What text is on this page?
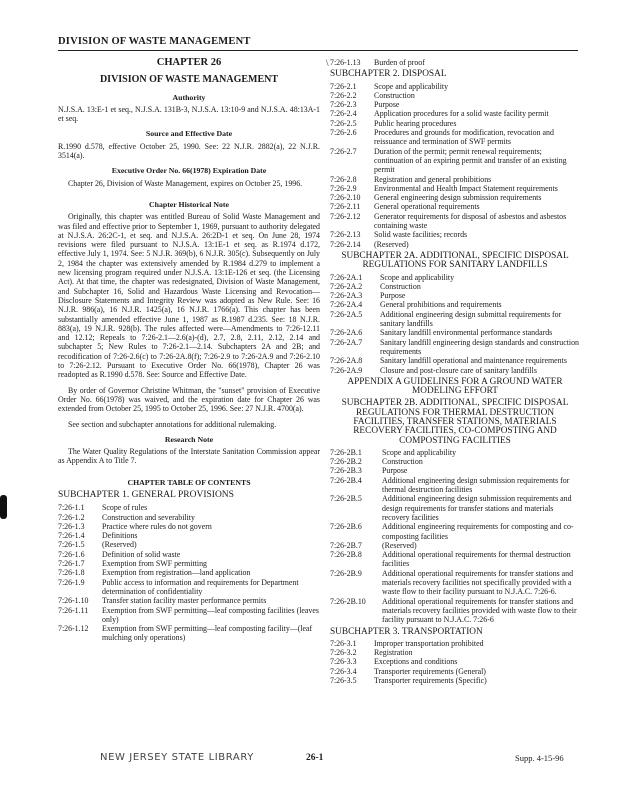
DIVISION OF WASTE MANAGEMENT
CHAPTER 26
DIVISION OF WASTE MANAGEMENT
Authority

N.J.S.A. 13:E-1 et seq., N.J.S.A. 131B-3, N.J.S.A. 13:10-9 and N.J.S.A. 48:13A-1 et seq.

Source and Effective Date

R.1990 d.578, effective October 25, 1990. See: 22 N.J.R. 2882(a), 22 N.J.R. 3514(a).

Executive Order No. 66(1978) Expiration Date

Chapter 26, Division of Waste Management, expires on October 25, 1996.

Chapter Historical Note

Originally, this chapter was entitled Bureau of Solid Waste Management and was filed and effective prior to September 1, 1969, pursuant to authority delegated at N.J.S.A. 26:2C-1, et seq. and N.J.S.A. 26:2D-1 et seq. On June 28, 1974 revisions were filed pursuant to N.J.S.A. 13:1E-1 et seq. as R.1974 d.172, effective July 1, 1974. See: 5 N.J.R. 369(b), 6 N.J.R. 305(c). Subsequently on July 2, 1984 the chapter was extensively amended by R.1984 d.279 to implement a new licensing program required under N.J.S.A. 13:1E-126 et seq. (the Licensing Act). At that time, the chapter was redesignated, Division of Waste Management, and Subchapter 16, Solid and Hazardous Waste Licensing and Revocation—Disclosure Statements and Integrity Review was adopted as New Rule. See: 16 N.J.R. 986(a), 16 N.J.R. 1425(a), 16 N.J.R. 1766(a). This chapter has been substantially amended effective June 1, 1987 as R.1987 d.235. See: 18 N.J.R. 883(a), 19 N.J.R. 928(b). The rules affected were—Amendments to 7:26-12.11 and 12.12; Repeals to 7:26-2.1—2.6(a)-(d), 2.7, 2.8, 2.11, 2.12, 2.14 and subchapter 5; New Rules to 7:26-2.1—2.14. Subchapters 2A and 2B; and recodification of 7:26-2.6(c) to 7:26-2A.8(f); 7:26-2.9 to 7:26-2A.9 and 7:26-2.10 to 7:26-2.12. Pursuant to Executive Order No. 66(1978), Chapter 26 was readopted as R.1990 d.578. See: Source and Effective Date.

By order of Governor Christine Whitman, the "sunset" provision of Executive Order No. 66(1978) was waived, and the expiration date for Chapter 26 was extended from October 25, 1995 to October 25, 1996. See: 27 N.J.R. 4700(a).

See section and subchapter annotations for additional rulemaking.

Research Note

The Water Quality Regulations of the Interstate Sanitation Commission appear as Appendix A to Title 7.

CHAPTER TABLE OF CONTENTS
SUBCHAPTER 1. GENERAL PROVISIONS
7:26-1.1	Scope of rules
7:26-1.2	Construction and severability
7:26-1.3	Practice where rules do not govern
7:26-1.4	Definitions
7:26-1.5	(Reserved)
7:26-1.6	Definition of solid waste
7:26-1.7	Exemption from SWF permitting
7:26-1.8	Exemption from registration—land application
7:26-1.9	Public access to information and requirements for Department determination of confidentiality
7:26-1.10	Transfer station facility master performance permits
7:26-1.11	Exemption from SWF permitting—leaf composting facilities (leaves only)
7:26-1.12	Exemption from SWF permitting—leaf composting facility—(leaf mulching only operations)
\ 7:26-1.13	Burden of proof
SUBCHAPTER 2. DISPOSAL
7:26-2.1	Scope and applicability
7:26-2.2	Construction
7:26-2.3	Purpose
7:26-2.4	Application procedures for a solid waste facility permit
7:26-2.5	Public hearing procedures
7:26-2.6	Procedures and grounds for modification, revocation and reissuance and termination of SWF permits
7:26-2.7	Duration of the permit; permit renewal requirements; continuation of an expiring permit and transfer of an existing permit
7:26-2.8	Registration and general prohibitions
7:26-2.9	Environmental and Health Impact Statement requirements
7:26-2.10	General engineering design submission requirements
7:26-2.11	General operational requirements
7:26-2.12	Generator requirements for disposal of asbestos and asbestos containing waste
7:26-2.13	Solid waste facilities; records
7:26-2.14	(Reserved)
SUBCHAPTER 2A. ADDITIONAL, SPECIFIC DISPOSAL REGULATIONS FOR SANITARY LANDFILLS
7:26-2A.1	Scope and applicability
7:26-2A.2	Construction
7:26-2A.3	Purpose
7:26-2A.4	General prohibitions and requirements
7:26-2A.5	Additional engineering design submittal requirements for sanitary landfills
7:26-2A.6	Sanitary landfill environmental performance standards
7:26-2A.7	Sanitary landfill engineering design standards and construction requirements
7:26-2A.8	Sanitary landfill operational and maintenance requirements
7:26-2A.9	Closure and post-closure care of sanitary landfills
APPENDIX A GUIDELINES FOR A GROUND WATER MODELING EFFORT
SUBCHAPTER 2B. ADDITIONAL, SPECIFIC DISPOSAL REGULATIONS FOR THERMAL DESTRUCTION FACILITIES, TRANSFER STATIONS, MATERIALS RECOVERY FACILITIES, CO-COMPOSTING AND COMPOSTING FACILITIES
7:26-2B.1	Scope and applicability
7:26-2B.2	Construction
7:26-2B.3	Purpose
7:26-2B.4	Additional engineering design submission requirements for thermal destruction facilities
7:26-2B.5	Additional engineering design submission requirements and design requirements for transfer stations and materials recovery facilities
7:26-2B.6	Additional engineering requirements for composting and co-composting facilities
7:26-2B.7	(Reserved)
7:26-2B.8	Additional operational requirements for thermal destruction facilities
7:26-2B.9	Additional operational requirements for transfer stations and materials recovery facilities not specifically provided with a waste flow to their facility pursuant to N.J.A.C. 7:26-6.
7:26-2B.10	Additional operational requirements for transfer stations and materials recovery facilities provided with waste flow to their facility pursuant to N.J.A.C. 7:26-6
SUBCHAPTER 3. TRANSPORTATION
7:26-3.1	Improper transportation prohibited
7:26-3.2	Registration
7:26-3.3	Exceptions and conditions
7:26-3.4	Transporter requirements (General)
7:26-3.5	Transporter requirements (Specific)
NEW JERSEY STATE LIBRARY	26-1	Supp. 4-15-96
